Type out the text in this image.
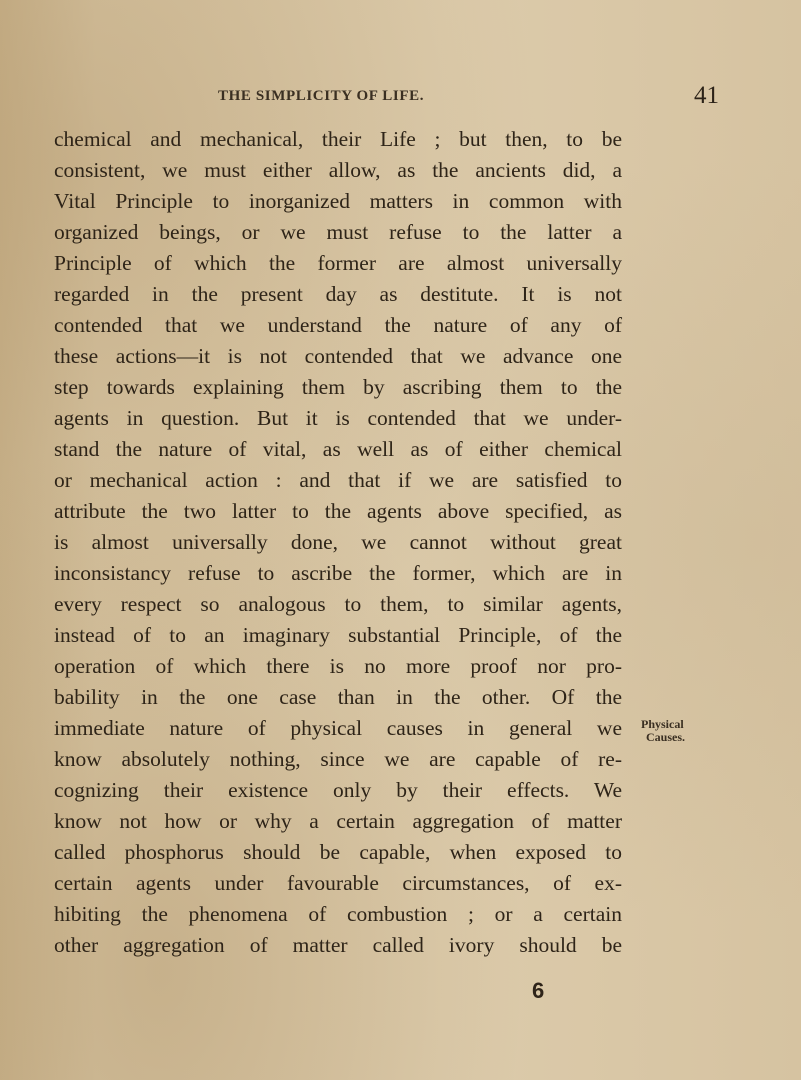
THE SIMPLICITY OF LIFE.	41
chemical and mechanical, their Life ; but then, to be
consistent, we must either allow, as the ancients did, a
Vital Principle to inorganized matters in common with
organized beings, or we must refuse to the latter a
Principle of which the former are almost universally
regarded in the present day as destitute. It is not
contended that we understand the nature of any of
these actions—it is not contended that we advance one
step towards explaining them by ascribing them to the
agents in question. But it is contended that we under-
stand the nature of vital, as well as of either chemical
or mechanical action : and that if we are satisfied to
attribute the two latter to the agents above specified, as
is almost universally done, we cannot without great
inconsistancy refuse to ascribe the former, which are in
every respect so analogous to them, to similar agents,
instead of to an imaginary substantial Principle, of the
operation of which there is no more proof nor pro-
bability in the one case than in the other. Of the
immediate nature of physical causes in general we
know absolutely nothing, since we are capable of re-
cognizing their existence only by their effects. We
know not how or why a certain aggregation of matter
called phosphorus should be capable, when exposed to
certain agents under favourable circumstances, of ex-
hibiting the phenomena of combustion ; or a certain
other aggregation of matter called ivory should be
Physical
Causes.
6
